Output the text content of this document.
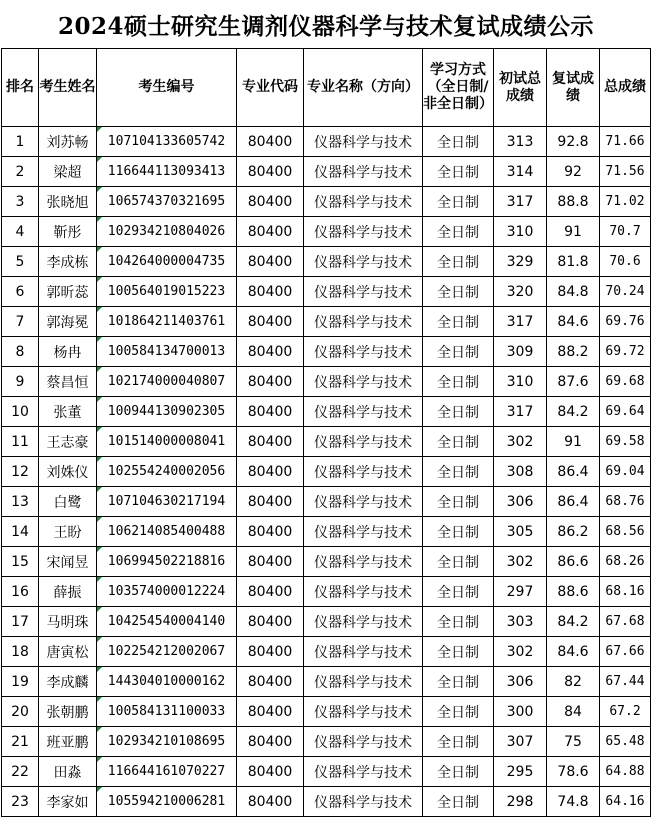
2024硕士研究生调剂仪器科学与技术复试成绩公示
排名	考生姓名	考生编号	专业代码	专业名称（方向）	学习方式（全日制/非全日制）	初试总成绩	复试成绩	总成绩
1	刘苏畅	107104133605742	80400	仪器科学与技术	全日制	313	92.8	71.66
2	梁超	116644113093413	80400	仪器科学与技术	全日制	314	92	71.56
3	张晓旭	106574370321695	80400	仪器科学与技术	全日制	317	88.8	71.02
4	靳彤	102934210804026	80400	仪器科学与技术	全日制	310	91	70.7
5	李成栋	104264000004735	80400	仪器科学与技术	全日制	329	81.8	70.6
6	郭昕蕊	100564019015223	80400	仪器科学与技术	全日制	320	84.8	70.24
7	郭海冕	101864211403761	80400	仪器科学与技术	全日制	317	84.6	69.76
8	杨冉	100584134700013	80400	仪器科学与技术	全日制	309	88.2	69.72
9	蔡昌恒	102174000040807	80400	仪器科学与技术	全日制	310	87.6	69.68
10	张董	100944130902305	80400	仪器科学与技术	全日制	317	84.2	69.64
11	王志豪	101514000008041	80400	仪器科学与技术	全日制	302	91	69.58
12	刘姝仪	102554240002056	80400	仪器科学与技术	全日制	308	86.4	69.04
13	白鹭	107104630217194	80400	仪器科学与技术	全日制	306	86.4	68.76
14	王盼	106214085400488	80400	仪器科学与技术	全日制	305	86.2	68.56
15	宋闻昱	106994502218816	80400	仪器科学与技术	全日制	302	86.6	68.26
16	薛振	103574000012224	80400	仪器科学与技术	全日制	297	88.6	68.16
17	马明珠	104254540004140	80400	仪器科学与技术	全日制	303	84.2	67.68
18	唐寅松	102254212002067	80400	仪器科学与技术	全日制	302	84.6	67.66
19	李成麟	144304010000162	80400	仪器科学与技术	全日制	306	82	67.44
20	张朝鹏	100584131100033	80400	仪器科学与技术	全日制	300	84	67.2
21	班亚鹏	102934210108695	80400	仪器科学与技术	全日制	307	75	65.48
22	田淼	116644161070227	80400	仪器科学与技术	全日制	295	78.6	64.88
23	李家如	105594210006281	80400	仪器科学与技术	全日制	298	74.8	64.16
